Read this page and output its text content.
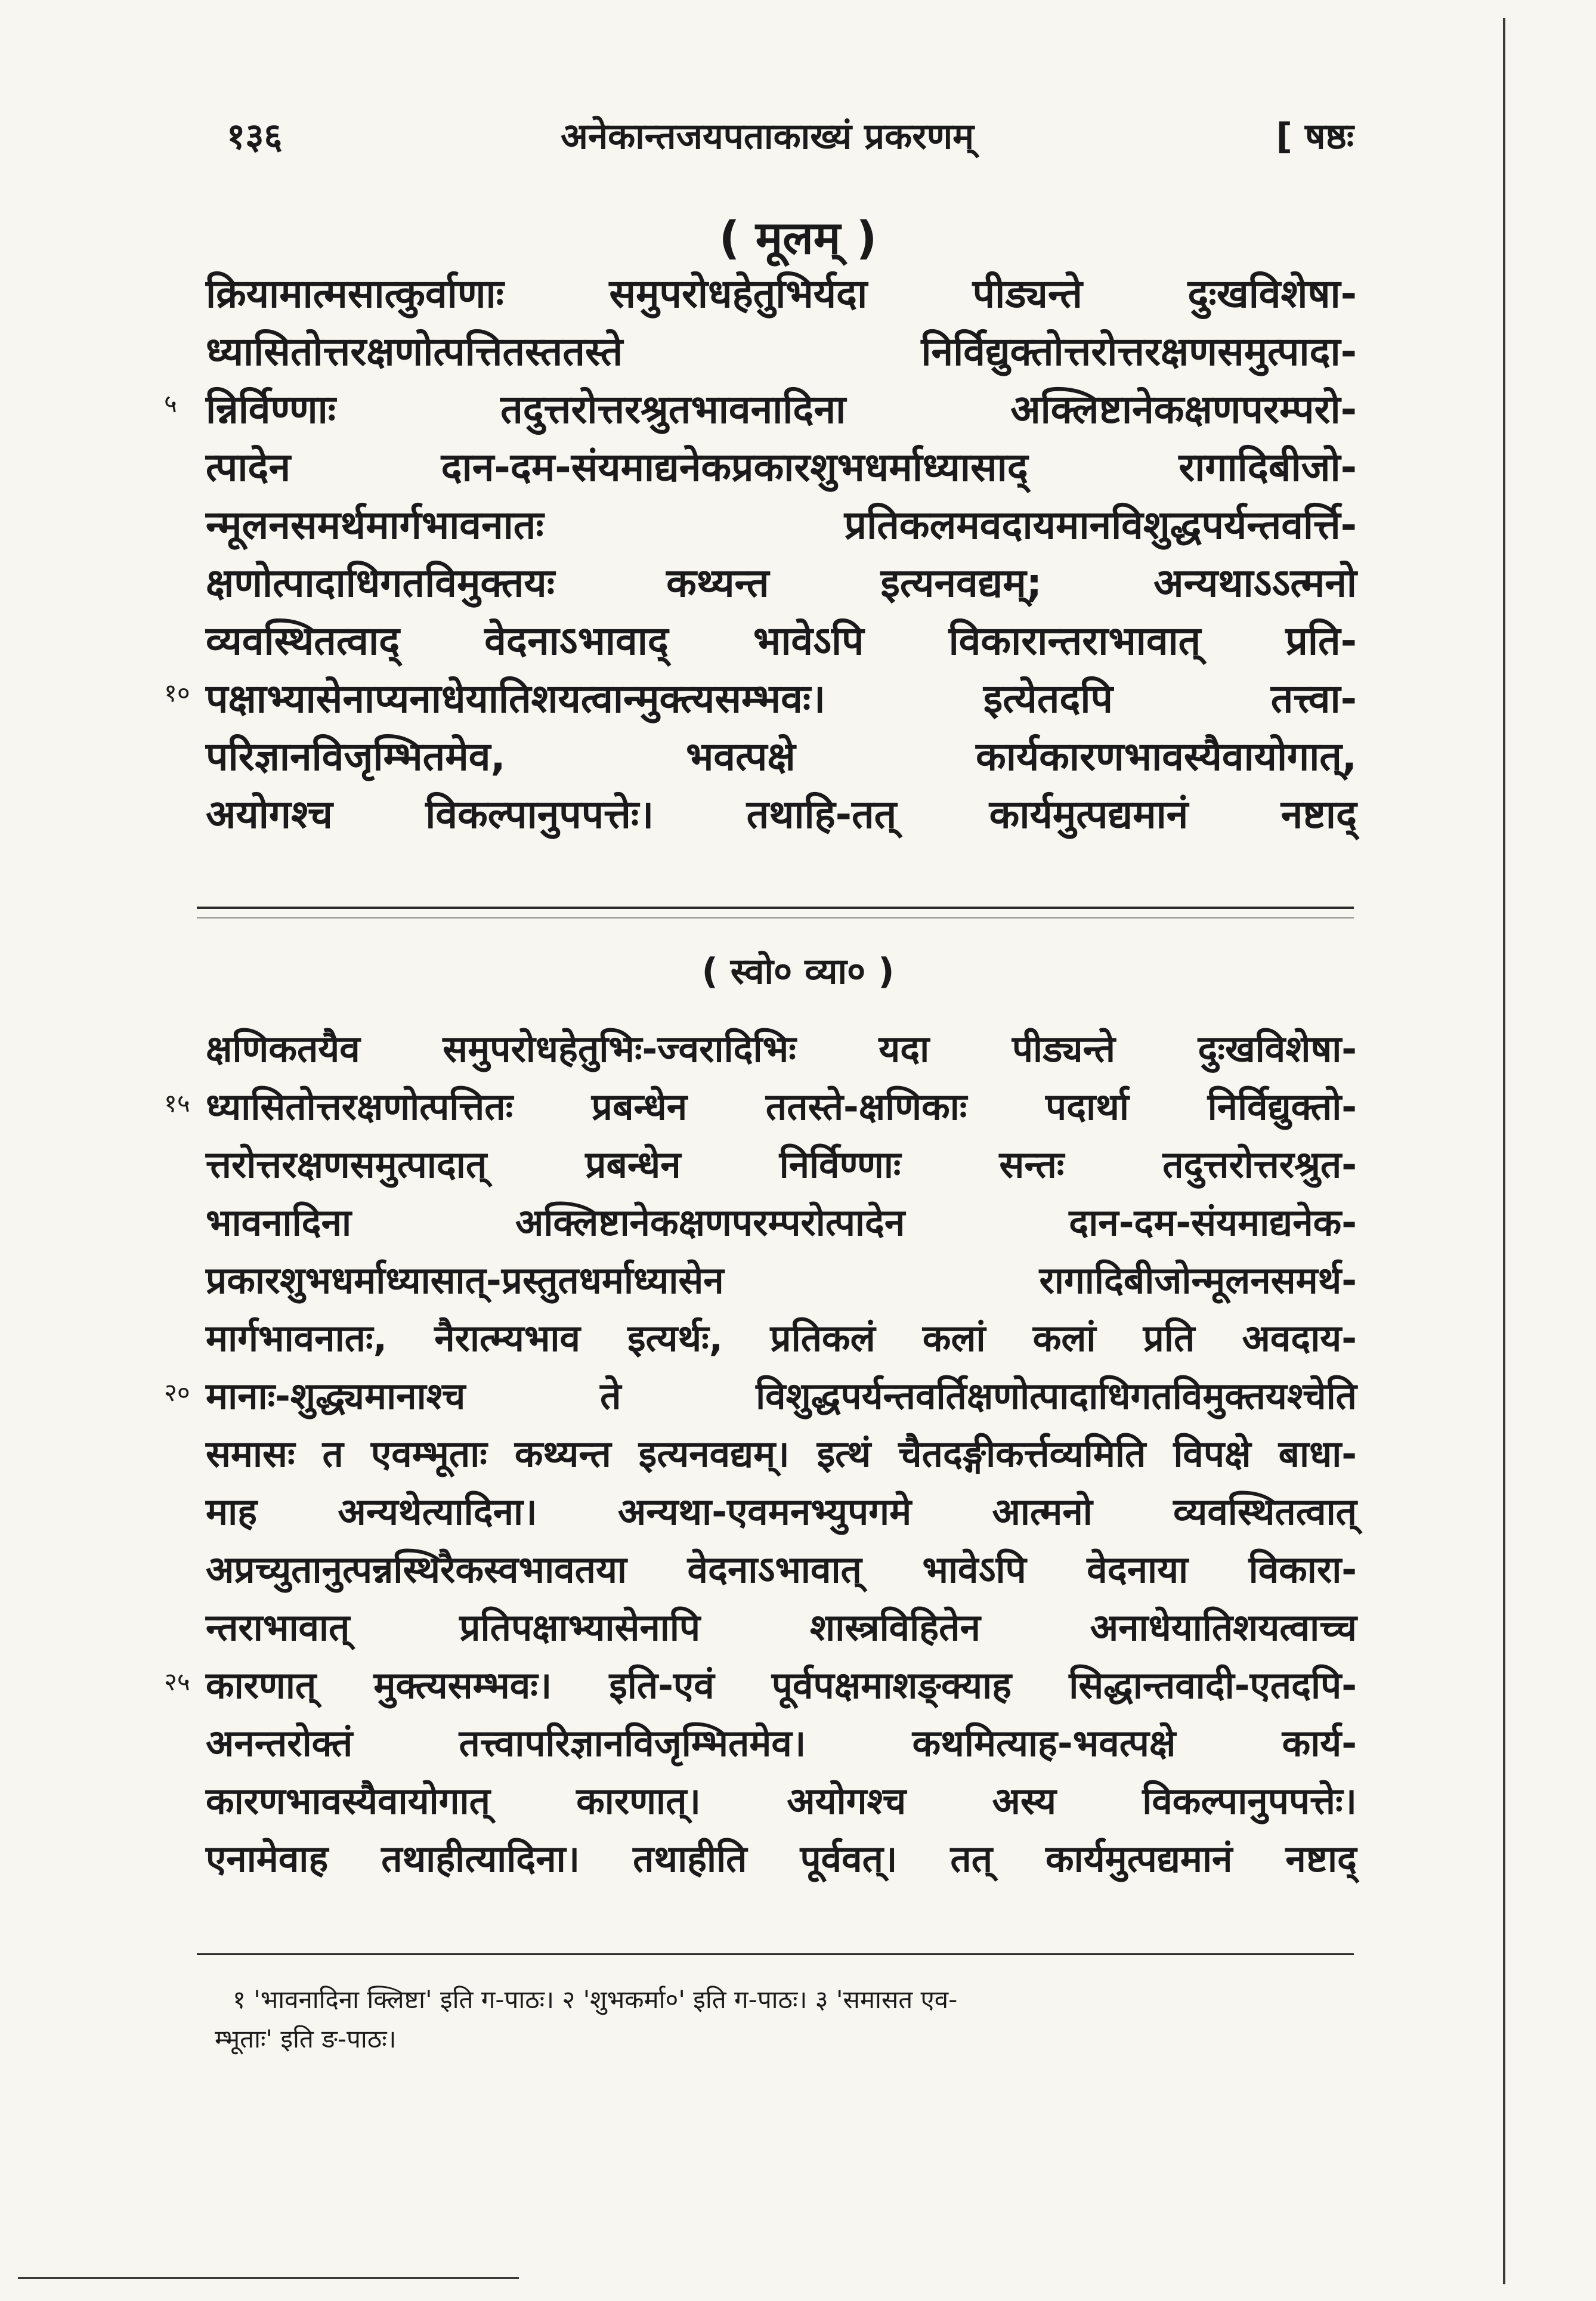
१३६	अनेकान्तजयपताकाख्यं प्रकरणम्	[ षष्ठः
( मूलम् )
क्रियामात्मसात्कुर्वाणाः समुपरोधहेतुभिर्यदा पीड्यन्ते दुःखविशेषा-
ध्यासितोत्तरक्षणोत्पत्तितस्ततस्ते निर्विद्युक्तोत्तरोत्तरक्षणसमुत्पादा-
५ न्निर्विण्णाः तदुत्तरोत्तरश्रुतभावनादिना अक्लिष्टानेकक्षणपरम्परो-
त्पादेन दान-दम-संयमाद्यनेकप्रकारशुभधर्माध्यासाद् रागादिबीजो-
न्मूलनसमर्थमार्गभावनातः प्रतिकलमवदायमानविशुद्धपर्यन्तवर्त्ति-
क्षणोत्पादाधिगतविमुक्तयः कथ्यन्त इत्यनवद्यम्; अन्यथाऽऽत्मनो
व्यवस्थितत्वाद् वेदनाऽभावाद् भावेऽपि विकारान्तराभावात् प्रति-
१० पक्षाभ्यासेनाप्यनाधेयातिशयत्वान्मुक्त्यसम्भवः। इत्येतदपि तत्त्वा-
परिज्ञानविजृम्भितमेव, भवत्पक्षे कार्यकारणभावस्यैवायोगात्,
अयोगश्च विकल्पानुपपत्तेः। तथाहि-तत् कार्यमुत्पद्यमानं नष्टाद्
( स्वो० व्या० )
क्षणिकतयैव समुपरोधहेतुभिः-ज्वरादिभिः यदा पीड्यन्ते दुःखविशेषा-
१५ ध्यासितोत्तरक्षणोत्पत्तितः प्रबन्धेन ततस्ते-क्षणिकाः पदार्था निर्विद्युक्तो-
त्तरोत्तरक्षणसमुत्पादात् प्रबन्धेन निर्विण्णाः सन्तः तदुत्तरोत्तरश्रुत-
भावनादिना अक्लिष्टानेकक्षणपरम्परोत्पादेन दान-दम-संयमाद्यनेक-
प्रकारशुभधर्माध्यासात्-प्रस्तुतधर्माध्यासेन रागादिबीजोन्मूलनसमर्थ-
मार्गभावनातः, नैरात्म्यभाव इत्यर्थः, प्रतिकलं कलां कलां प्रति अवदाय-
२० मानाः-शुद्ध्यमानाश्च ते विशुद्धपर्यन्तवर्तिक्षणोत्पादाधिगतविमुक्तयश्चेति
समासः त एवम्भूताः कथ्यन्त इत्यनवद्यम्। इत्थं चैतदङ्गीकर्त्तव्यमिति विपक्षे बाधा-
माह अन्यथेत्यादिना। अन्यथा-एवमनभ्युपगमे आत्मनो व्यवस्थितत्वात्
अप्रच्युतानुत्पन्नस्थिरैकस्वभावतया वेदनाऽभावात् भावेऽपि वेदनाया विकारा-
न्तराभावात् प्रतिपक्षाभ्यासेनापि शास्त्रविहितेन अनाधेयातिशयत्वाच्च
२५ कारणात् मुक्त्यसम्भवः। इति-एवं पूर्वपक्षमाशङ्क्याह सिद्धान्तवादी-एतदपि-
अनन्तरोक्तं तत्त्वापरिज्ञानविजृम्भितमेव। कथमित्याह-भवत्पक्षे कार्य-
कारणभावस्यैवायोगात् कारणात्। अयोगश्च अस्य विकल्पानुपपत्तेः।
एनामेवाह तथाहीत्यादिना। तथाहीति पूर्ववत्। तत् कार्यमुत्पद्यमानं नष्टाद्
१ 'भावनादिना क्लिष्टा' इति ग-पाठः। २ 'शुभकर्मा०' इति ग-पाठः। ३ 'समासत एव-
म्भूताः' इति ङ-पाठः।
